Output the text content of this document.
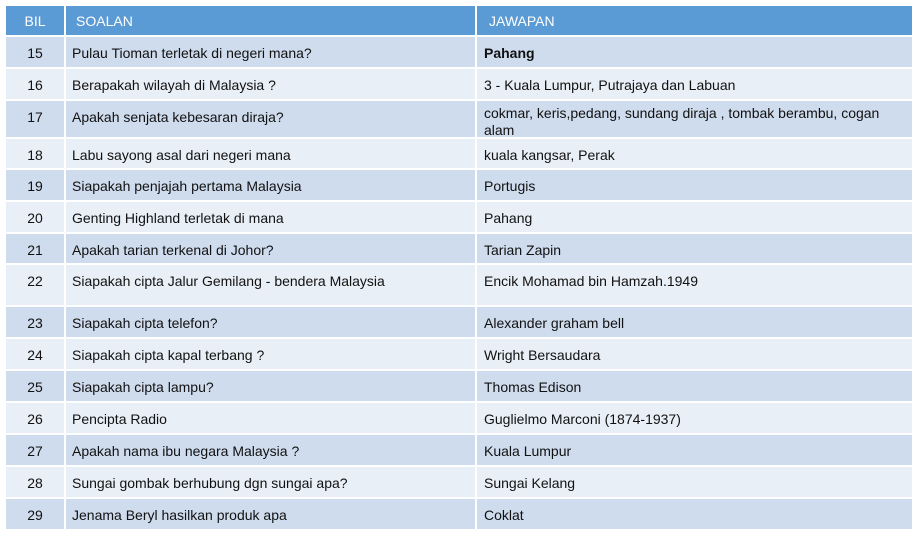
BIL	SOALAN	JAWAPAN
15	Pulau Tioman terletak di negeri mana?	Pahang
16	Berapakah wilayah di Malaysia ?	3 - Kuala Lumpur, Putrajaya dan Labuan
17	Apakah senjata kebesaran diraja?	cokmar, keris,pedang, sundang diraja , tombak berambu, cogan alam
18	Labu sayong asal dari negeri mana	kuala kangsar, Perak
19	Siapakah penjajah pertama Malaysia	Portugis
20	Genting Highland terletak di mana	Pahang
21	Apakah tarian terkenal di Johor?	Tarian Zapin
22	Siapakah cipta Jalur Gemilang - bendera Malaysia	Encik Mohamad bin Hamzah.1949
23	Siapakah cipta telefon?	Alexander graham bell
24	Siapakah cipta kapal terbang ?	Wright Bersaudara
25	Siapakah cipta lampu?	Thomas Edison
26	Pencipta Radio	Guglielmo Marconi (1874-1937)
27	Apakah nama ibu negara Malaysia ?	Kuala Lumpur
28	Sungai gombak berhubung dgn sungai apa?	Sungai Kelang
29	Jenama Beryl hasilkan produk apa	Coklat
